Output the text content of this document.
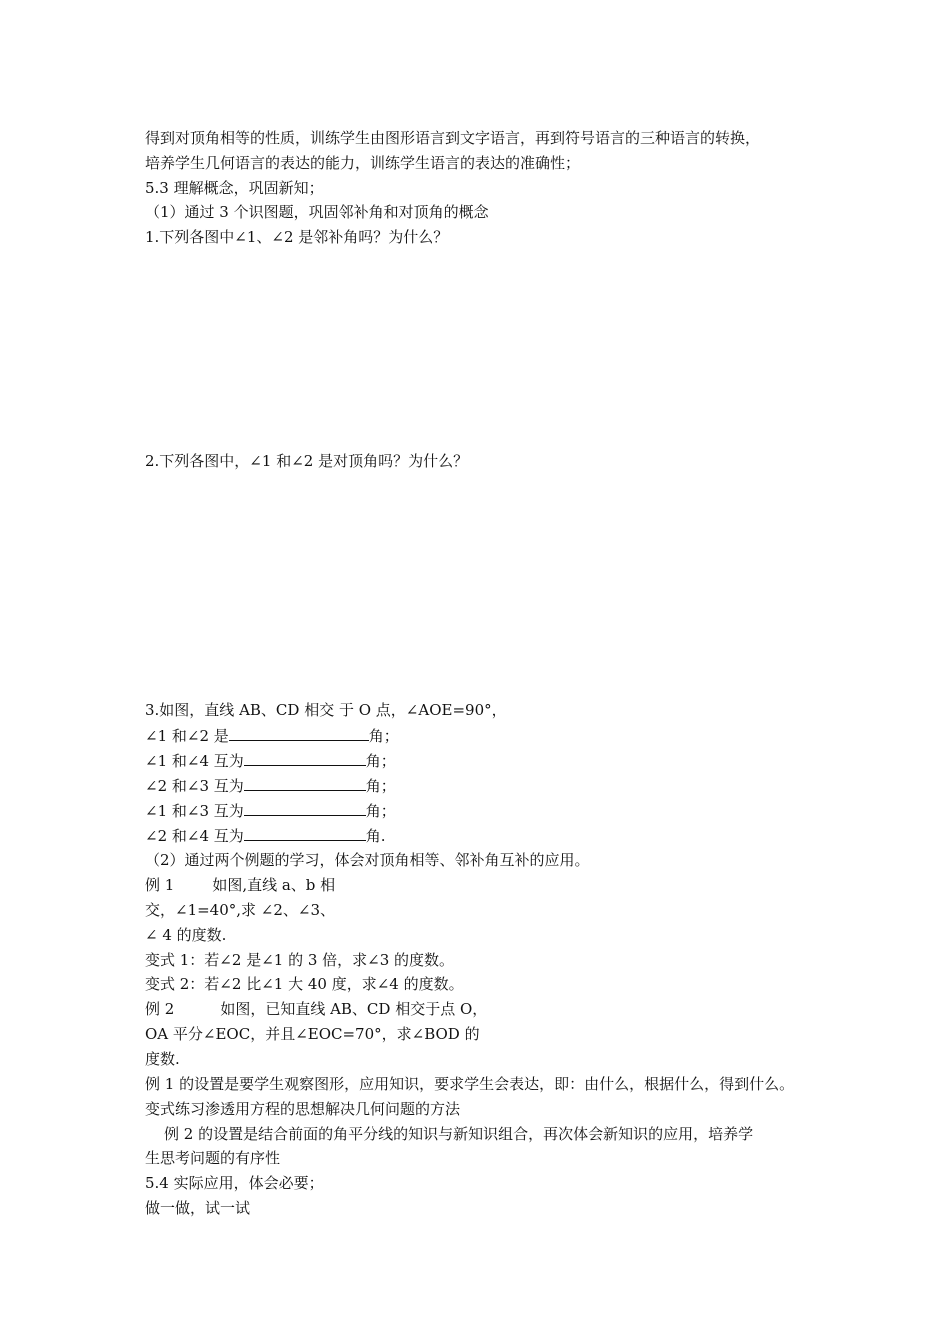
得到对顶角相等的性质，训练学生由图形语言到文字语言，再到符号语言的三种语言的转换，
培养学生几何语言的表达的能力，训练学生语言的表达的准确性；
5.3 理解概念，巩固新知；
（1）通过 3 个识图题，巩固邻补角和对顶角的概念
1.下列各图中∠1、∠2 是邻补角吗？为什么？
2.下列各图中，∠1 和∠2 是对顶角吗？为什么？
3.如图，直线 AB、CD 相交 于 O 点，∠AOE=90°，
∠1 和∠2 是	角；
∠1 和∠4 互为	角；
∠2 和∠3 互为	角；
∠1 和∠3 互为	角；
∠2 和∠4 互为	角.
（2）通过两个例题的学习，体会对顶角相等、邻补角互补的应用。
例 1	如图,直线 a、b 相
交，∠1=40°,求 ∠2、∠3、
∠ 4 的度数.
变式 1：若∠2 是∠1 的 3 倍，求∠3 的度数。
变式 2：若∠2 比∠1 大 40 度，求∠4 的度数。
例 2	如图，已知直线 AB、CD 相交于点 O，
OA 平分∠EOC，并且∠EOC=70°，求∠BOD 的
度数.
例 1 的设置是要学生观察图形，应用知识，要求学生会表达，即：由什么，根据什么，得到什么。
变式练习渗透用方程的思想解决几何问题的方法
例 2 的设置是结合前面的角平分线的知识与新知识组合，再次体会新知识的应用，培养学
生思考问题的有序性
5.4 实际应用，体会必要；
做一做，试一试
